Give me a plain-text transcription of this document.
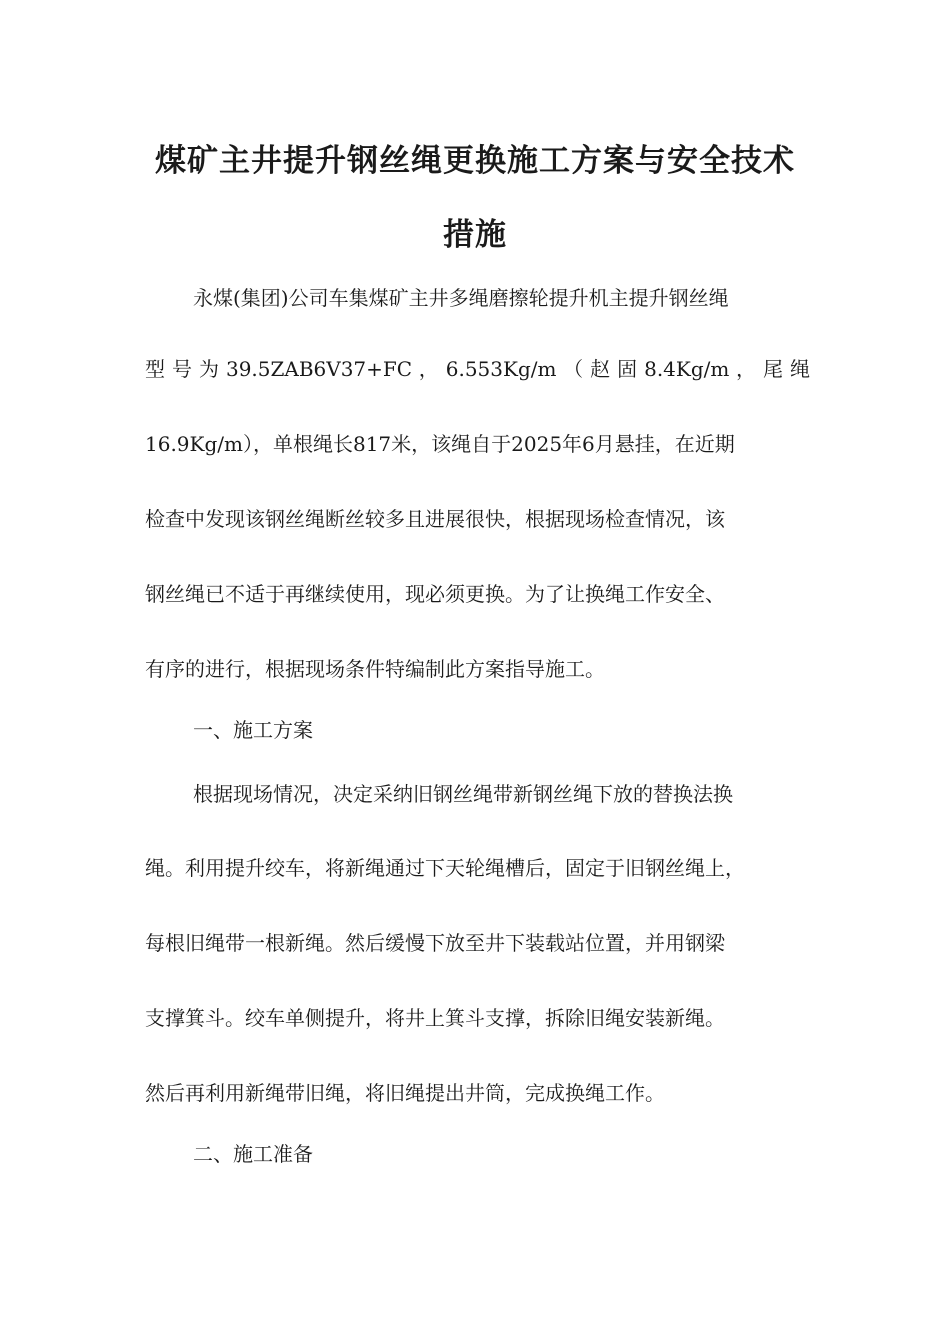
煤矿主井提升钢丝绳更换施工方案与安全技术
措施
永煤(集团)公司车集煤矿主井多绳磨擦轮提升机主提升钢丝绳
型 号 为 39.5ZAB6V37+FC ， 6.553Kg/m （ 赵 固 8.4Kg/m ， 尾 绳
16.9Kg/m），单根绳长817米，该绳自于2025年6月悬挂，在近期
检查中发现该钢丝绳断丝较多且进展很快，根据现场检查情况，该
钢丝绳已不适于再继续使用，现必须更换。为了让换绳工作安全、
有序的进行，根据现场条件特编制此方案指导施工。
一、施工方案
根据现场情况，决定采纳旧钢丝绳带新钢丝绳下放的替换法换
绳。利用提升绞车，将新绳通过下天轮绳槽后，固定于旧钢丝绳上，
每根旧绳带一根新绳。然后缓慢下放至井下装载站位置，并用钢梁
支撑箕斗。绞车单侧提升，将井上箕斗支撑，拆除旧绳安装新绳。
然后再利用新绳带旧绳，将旧绳提出井筒，完成换绳工作。
二、施工准备
